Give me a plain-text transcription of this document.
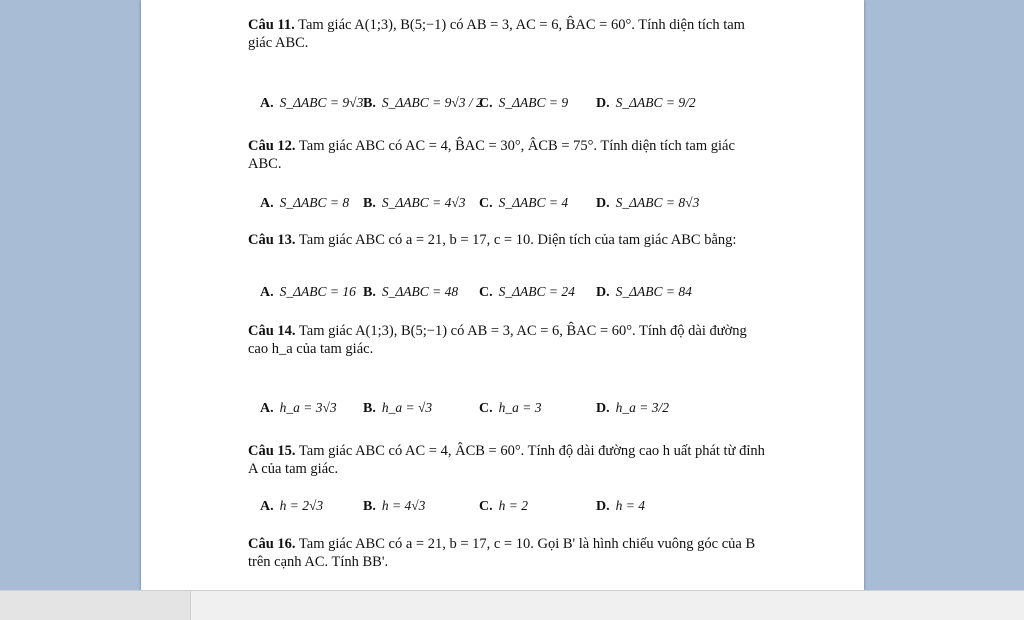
Câu 11. Tam giác A(1;3), B(5;−1) có AB = 3, AC = 6, B̂AC = 60°. Tính diện tích tam giác ABC.
A. S_ΔABC = 9√3 B. S_ΔABC = 9√3 / 2
C. S_ΔABC = 9 D. S_ΔABC = 9/2
Câu 12. Tam giác ABC có AC = 4, B̂AC = 30°, ÂCB = 75°. Tính diện tích tam giác ABC.
A. S_ΔABC = 8 B. S_ΔABC = 4√3 C. S_ΔABC = 4 D. S_ΔABC = 8√3
Câu 13. Tam giác ABC có a = 21, b = 17, c = 10. Diện tích của tam giác ABC bằng:
A. S_ΔABC = 16 B. S_ΔABC = 48 C. S_ΔABC = 24 D. S_ΔABC = 84
Câu 14. Tam giác A(1;3), B(5;−1) có AB = 3, AC = 6, B̂AC = 60°. Tính độ dài đường cao h_a của tam giác.
A. h_a = 3√3 B. h_a = √3	C. h_a = 3	D. h_a = 3/2
Câu 15. Tam giác ABC có AC = 4, ÂCB = 60°. Tính độ dài đường cao h uất phát từ đỉnh A của tam giác.
A. h = 2√3	B. h = 4√3	C. h = 2	D. h = 4
Câu 16. Tam giác ABC có a = 21, b = 17, c = 10. Gọi B' là hình chiếu vuông góc của B trên cạnh AC. Tính BB'.
